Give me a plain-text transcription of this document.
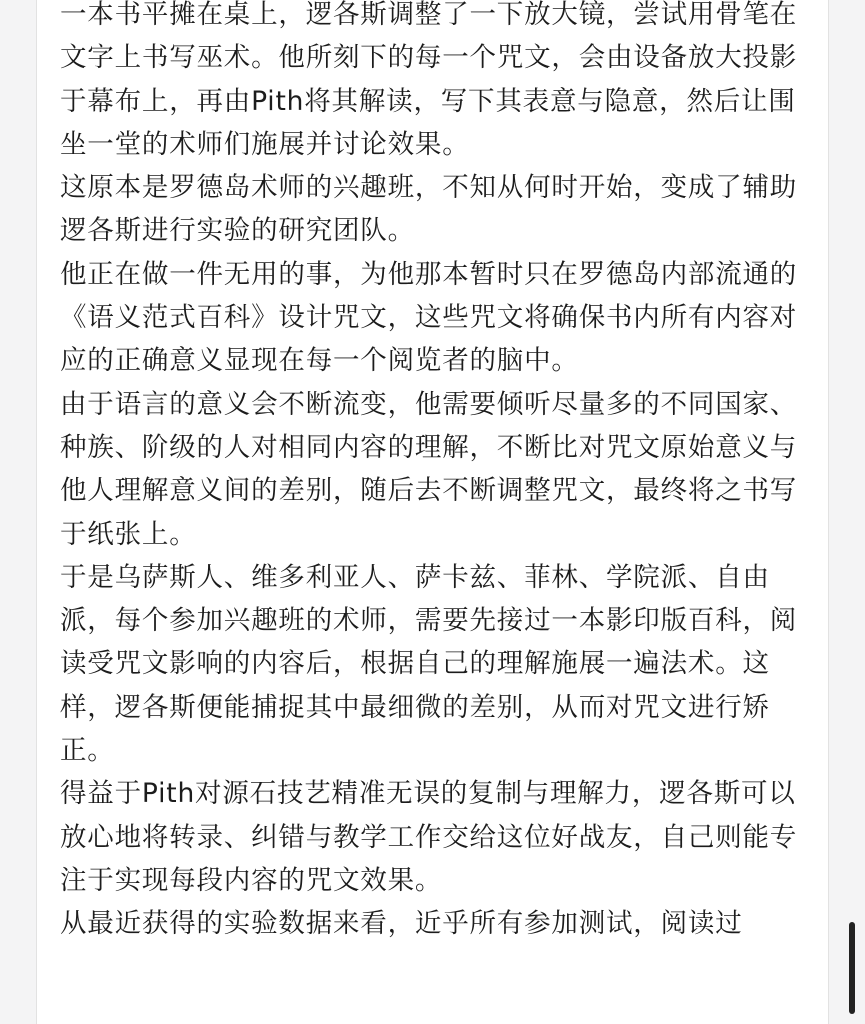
一本书平摊在桌上，逻各斯调整了一下放大镜，尝试用骨笔在文字上书写巫术。他所刻下的每一个咒文，会由设备放大投影于幕布上，再由Pith将其解读，写下其表意与隐意，然后让围坐一堂的术师们施展并讨论效果。

这原本是罗德岛术师的兴趣班，不知从何时开始，变成了辅助逻各斯进行实验的研究团队。

他正在做一件无用的事，为他那本暂时只在罗德岛内部流通的《语义范式百科》设计咒文，这些咒文将确保书内所有内容对应的正确意义显现在每一个阅览者的脑中。

由于语言的意义会不断流变，他需要倾听尽量多的不同国家、种族、阶级的人对相同内容的理解，不断比对咒文原始意义与他人理解意义间的差别，随后去不断调整咒文，最终将之书写于纸张上。

于是乌萨斯人、维多利亚人、萨卡兹、菲林、学院派、自由派，每个参加兴趣班的术师，需要先接过一本影印版百科，阅读受咒文影响的内容后，根据自己的理解施展一遍法术。这样，逻各斯便能捕捉其中最细微的差别，从而对咒文进行矫正。

得益于Pith对源石技艺精准无误的复制与理解力，逻各斯可以放心地将转录、纠错与教学工作交给这位好战友，自己则能专注于实现每段内容的咒文效果。

从最近获得的实验数据来看，近乎所有参加测试，阅读过
